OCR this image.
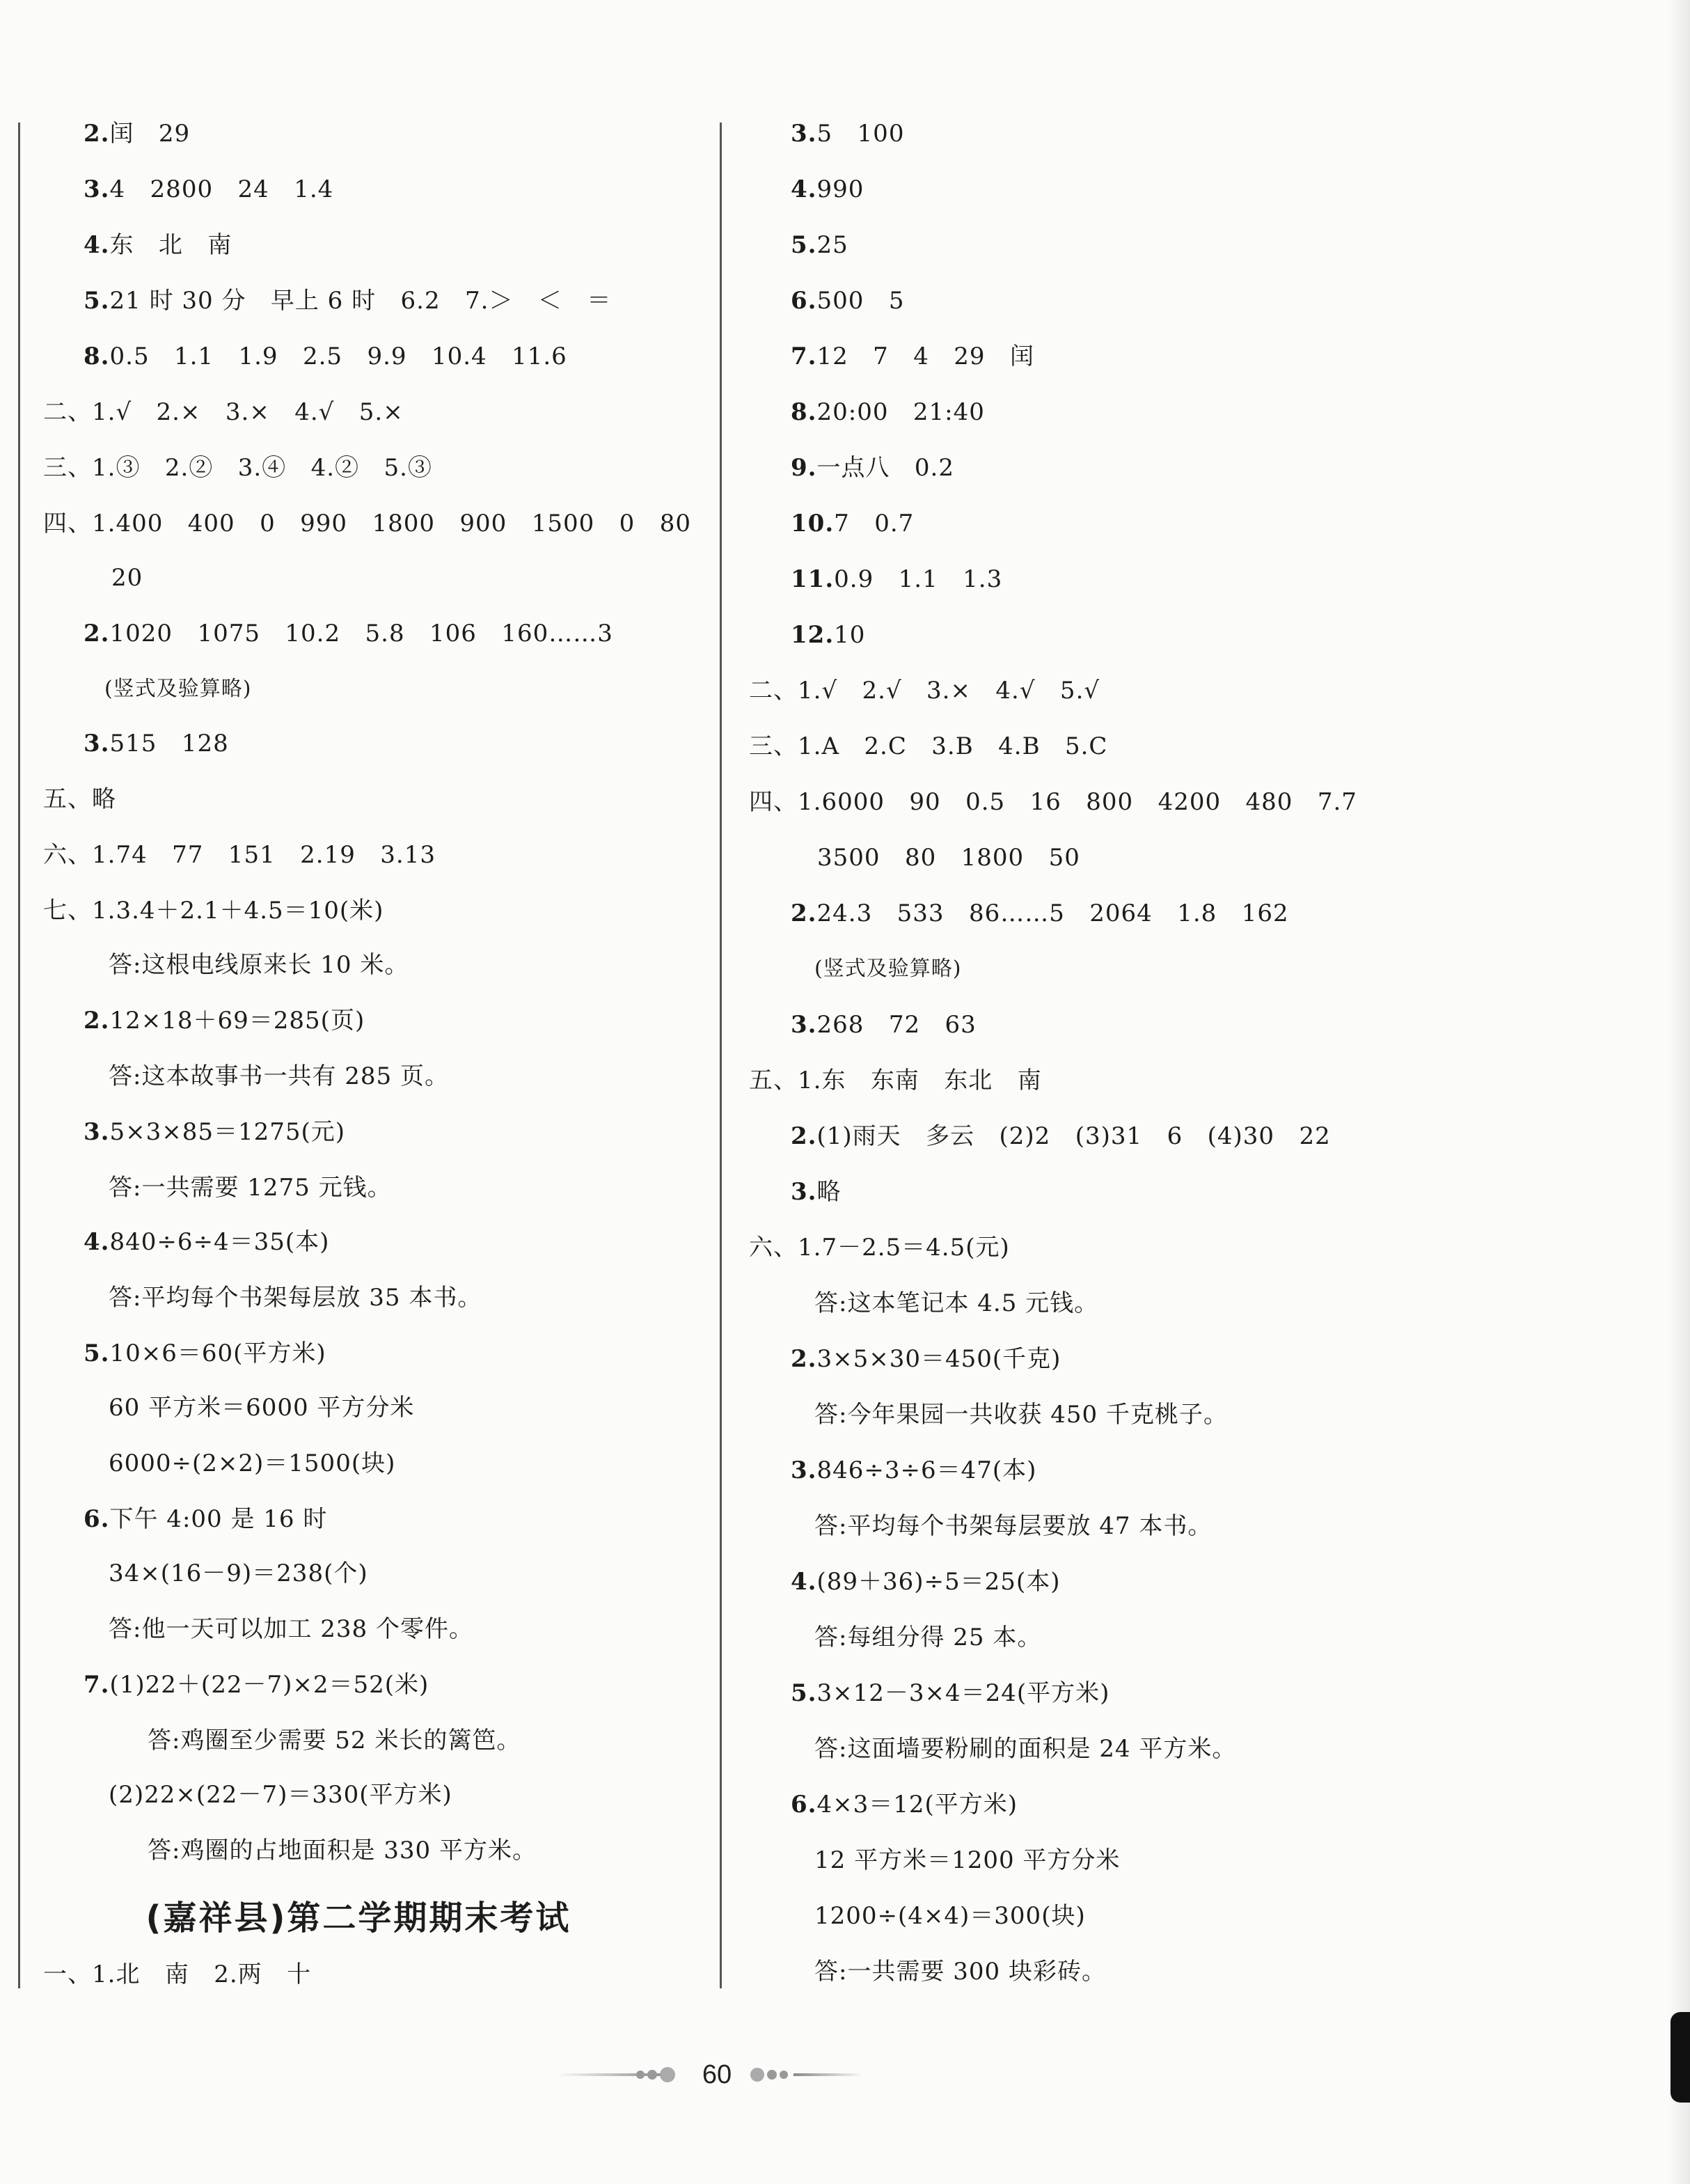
2.闰   29
3.4   2800   24   1.4
4.东   北   南
5.21 时 30 分   早上 6 时   6.2   7.＞   ＜   ＝
8.0.5   1.1   1.9   2.5   9.9   10.4   11.6
二、1.√   2.×   3.×   4.√   5.×
三、1.③   2.②   3.④   4.②   5.③
四、1.400   400   0   990   1800   900   1500   0   80
20
2.1020   1075   10.2   5.8   106   160……3
(竖式及验算略)
3.515   128
五、略
六、1.74   77   151   2.19   3.13
七、1.3.4＋2.1＋4.5＝10(米)
答:这根电线原来长 10 米。
2.12×18＋69＝285(页)
答:这本故事书一共有 285 页。
3.5×3×85＝1275(元)
答:一共需要 1275 元钱。
4.840÷6÷4＝35(本)
答:平均每个书架每层放 35 本书。
5.10×6＝60(平方米)
60 平方米＝6000 平方分米
6000÷(2×2)＝1500(块)
6.下午 4:00 是 16 时
34×(16－9)＝238(个)
答:他一天可以加工 238 个零件。
7.(1)22＋(22－7)×2＝52(米)
答:鸡圈至少需要 52 米长的篱笆。
(2)22×(22－7)＝330(平方米)
答:鸡圈的占地面积是 330 平方米。
(嘉祥县)第二学期期末考试
一、1.北   南   2.两   十
3.5   100
4.990
5.25
6.500   5
7.12   7   4   29   闰
8.20:00   21:40
9.一点八   0.2
10.7   0.7
11.0.9   1.1   1.3
12.10
二、1.√   2.√   3.×   4.√   5.√
三、1.A   2.C   3.B   4.B   5.C
四、1.6000   90   0.5   16   800   4200   480   7.7
3500   80   1800   50
2.24.3   533   86……5   2064   1.8   162
(竖式及验算略)
3.268   72   63
五、1.东   东南   东北   南
2.(1)雨天   多云   (2)2   (3)31   6   (4)30   22
3.略
六、1.7－2.5＝4.5(元)
答:这本笔记本 4.5 元钱。
2.3×5×30＝450(千克)
答:今年果园一共收获 450 千克桃子。
3.846÷3÷6＝47(本)
答:平均每个书架每层要放 47 本书。
4.(89＋36)÷5＝25(本)
答:每组分得 25 本。
5.3×12－3×4＝24(平方米)
答:这面墙要粉刷的面积是 24 平方米。
6.4×3＝12(平方米)
12 平方米＝1200 平方分米
1200÷(4×4)＝300(块)
答:一共需要 300 块彩砖。
60
